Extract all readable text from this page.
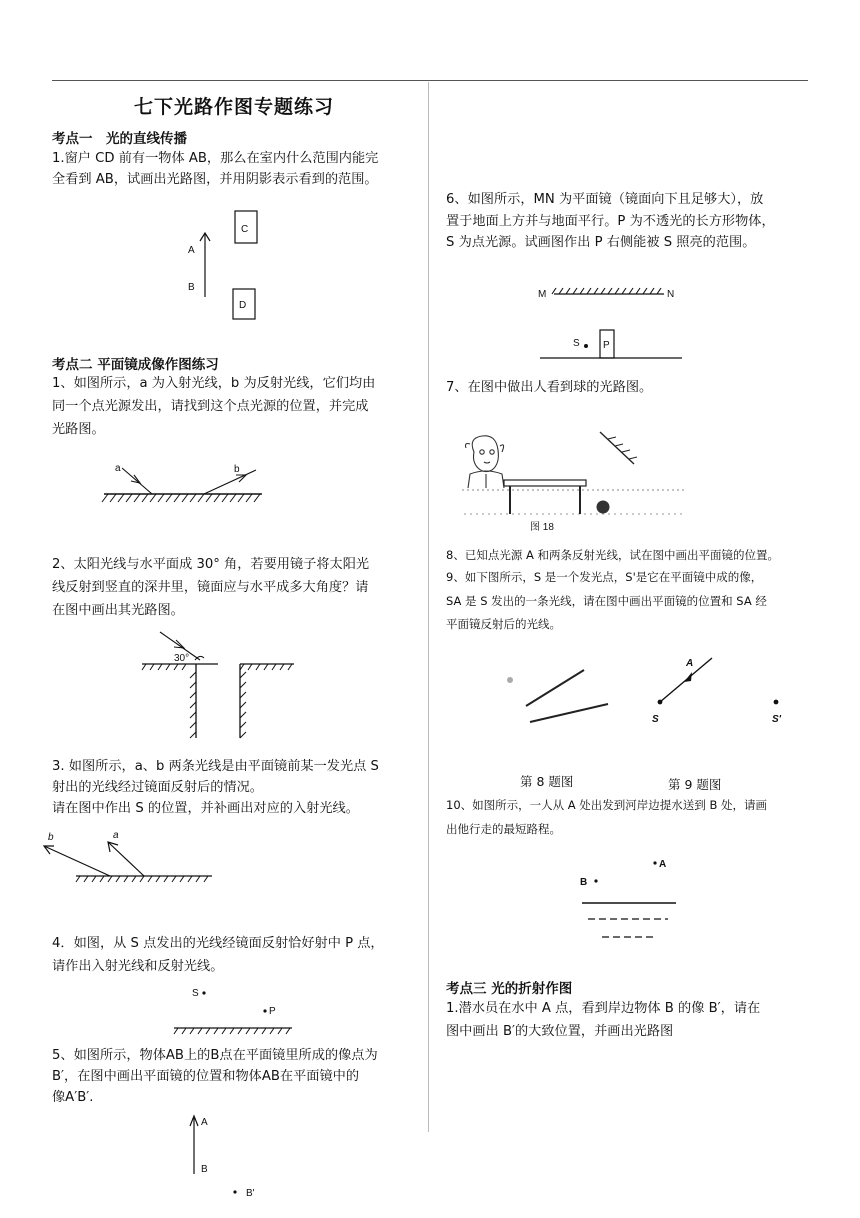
七下光路作图专题练习
考点一　光的直线传播

1.窗户 CD 前有一物体 AB，那么在室内什么范围内能完

全看到 AB，试画出光路图，并用阴影表示看到的范围。

A
B
C
D
考点二 平面镜成像作图练习

1、如图所示，a 为入射光线，b 为反射光线，它们均由

同一个点光源发出，请找到这个点光源的位置，并完成

光路图。

a	b

2、太阳光线与水平面成 30° 角，若要用镜子将太阳光

线反射到竖直的深井里，镜面应与水平成多大角度？请

在图中画出其光路图。

30°

3. 如图所示，a、b 两条光线是由平面镜前某一发光点 S

射出的光线经过镜面反射后的情况。

请在图中作出 S 的位置，并补画出对应的入射光线。

b	a

4．如图，从 S 点发出的光线经镜面反射恰好射中 P 点，

请作出入射光线和反射光线。

S
P

5、如图所示，物体AB上的B点在平面镜里所成的像点为

B′，在图中画出平面镜的位置和物体AB在平面镜中的

像A′B′.

A
B
B'

6、如图所示，MN 为平面镜（镜面向下且足够大），放

置于地面上方并与地面平行。P 为不透光的长方形物体，

S 为点光源。试画图作出 P 右侧能被 S 照亮的范围。

M	N
S P

7、在图中做出人看到球的光路图。

图 18

8、已知点光源 A 和两条反射光线，试在图中画出平面镜的位置。

9、如下图所示，S 是一个发光点，S'是它在平面镜中成的像，

SA 是 S 发出的一条光线，请在图中画出平面镜的位置和 SA 经

平面镜反射后的光线。

S
A
S'
第 8 题图	第 9 题图

10、如图所示，一人从 A 处出发到河岸边提水送到 B 处，请画

出他行走的最短路程。

A
B
考点三 光的折射作图

1.潜水员在水中 A 点，看到岸边物体 B 的像 B′，请在

图中画出 B′的大致位置，并画出光路图
